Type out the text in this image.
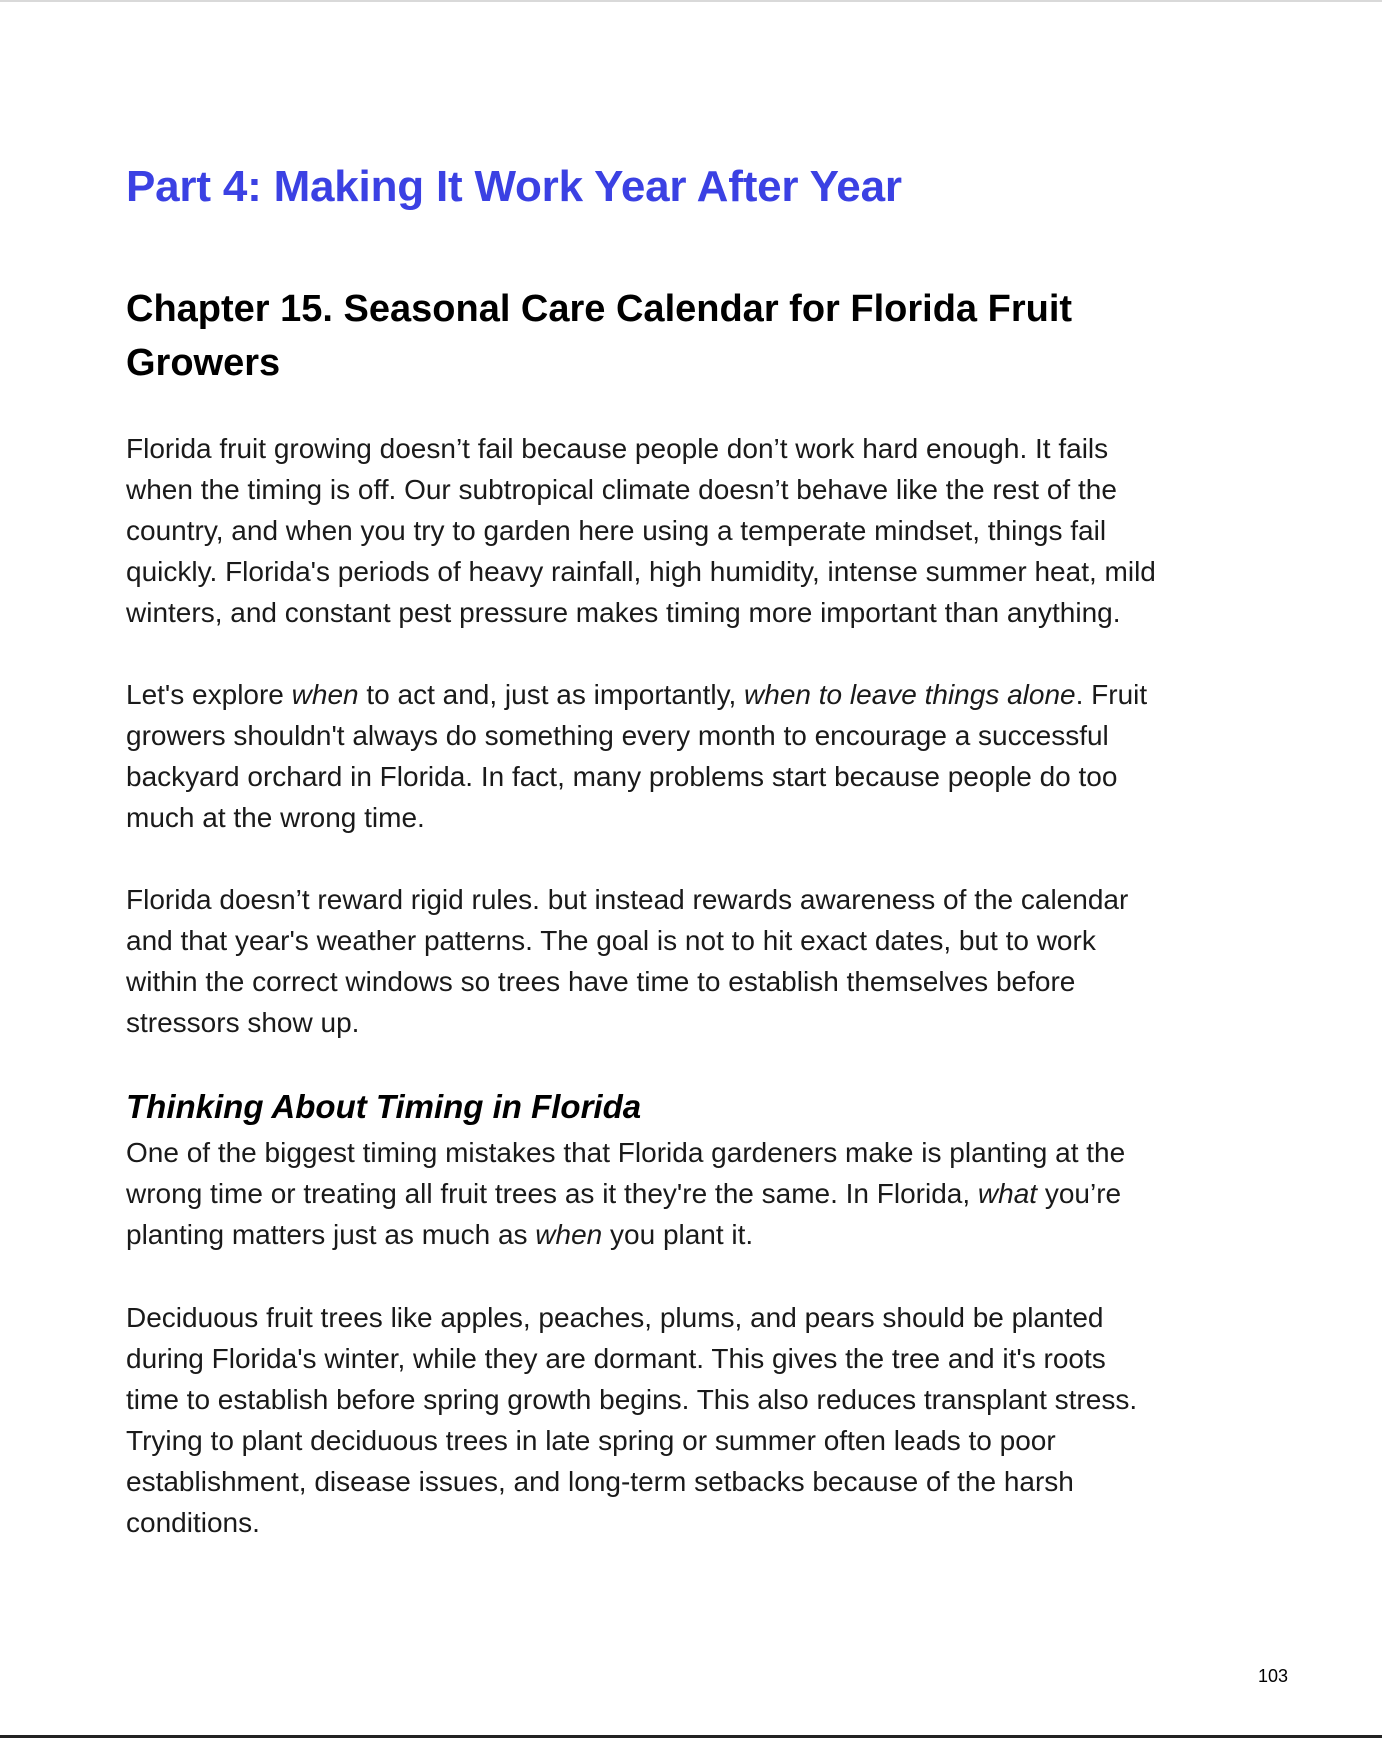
Part 4: Making It Work Year After Year
Chapter 15. Seasonal Care Calendar for Florida Fruit Growers

Florida fruit growing doesn’t fail because people don’t work hard enough. It fails
when the timing is off. Our subtropical climate doesn’t behave like the rest of the
country, and when you try to garden here using a temperate mindset, things fail
quickly. Florida's periods of heavy rainfall, high humidity, intense summer heat, mild
winters, and constant pest pressure makes timing more important than anything.

Let's explore when to act and, just as importantly, when to leave things alone. Fruit
growers shouldn't always do something every month to encourage a successful
backyard orchard in Florida. In fact, many problems start because people do too
much at the wrong time.

Florida doesn’t reward rigid rules. but instead rewards awareness of the calendar
and that year's weather patterns. The goal is not to hit exact dates, but to work
within the correct windows so trees have time to establish themselves before
stressors show up.

Thinking About Timing in Florida

One of the biggest timing mistakes that Florida gardeners make is planting at the
wrong time or treating all fruit trees as it they're the same. In Florida, what you’re
planting matters just as much as when you plant it.

Deciduous fruit trees like apples, peaches, plums, and pears should be planted
during Florida's winter, while they are dormant. This gives the tree and it's roots
time to establish before spring growth begins. This also reduces transplant stress.
Trying to plant deciduous trees in late spring or summer often leads to poor
establishment, disease issues, and long-term setbacks because of the harsh
conditions.

103
